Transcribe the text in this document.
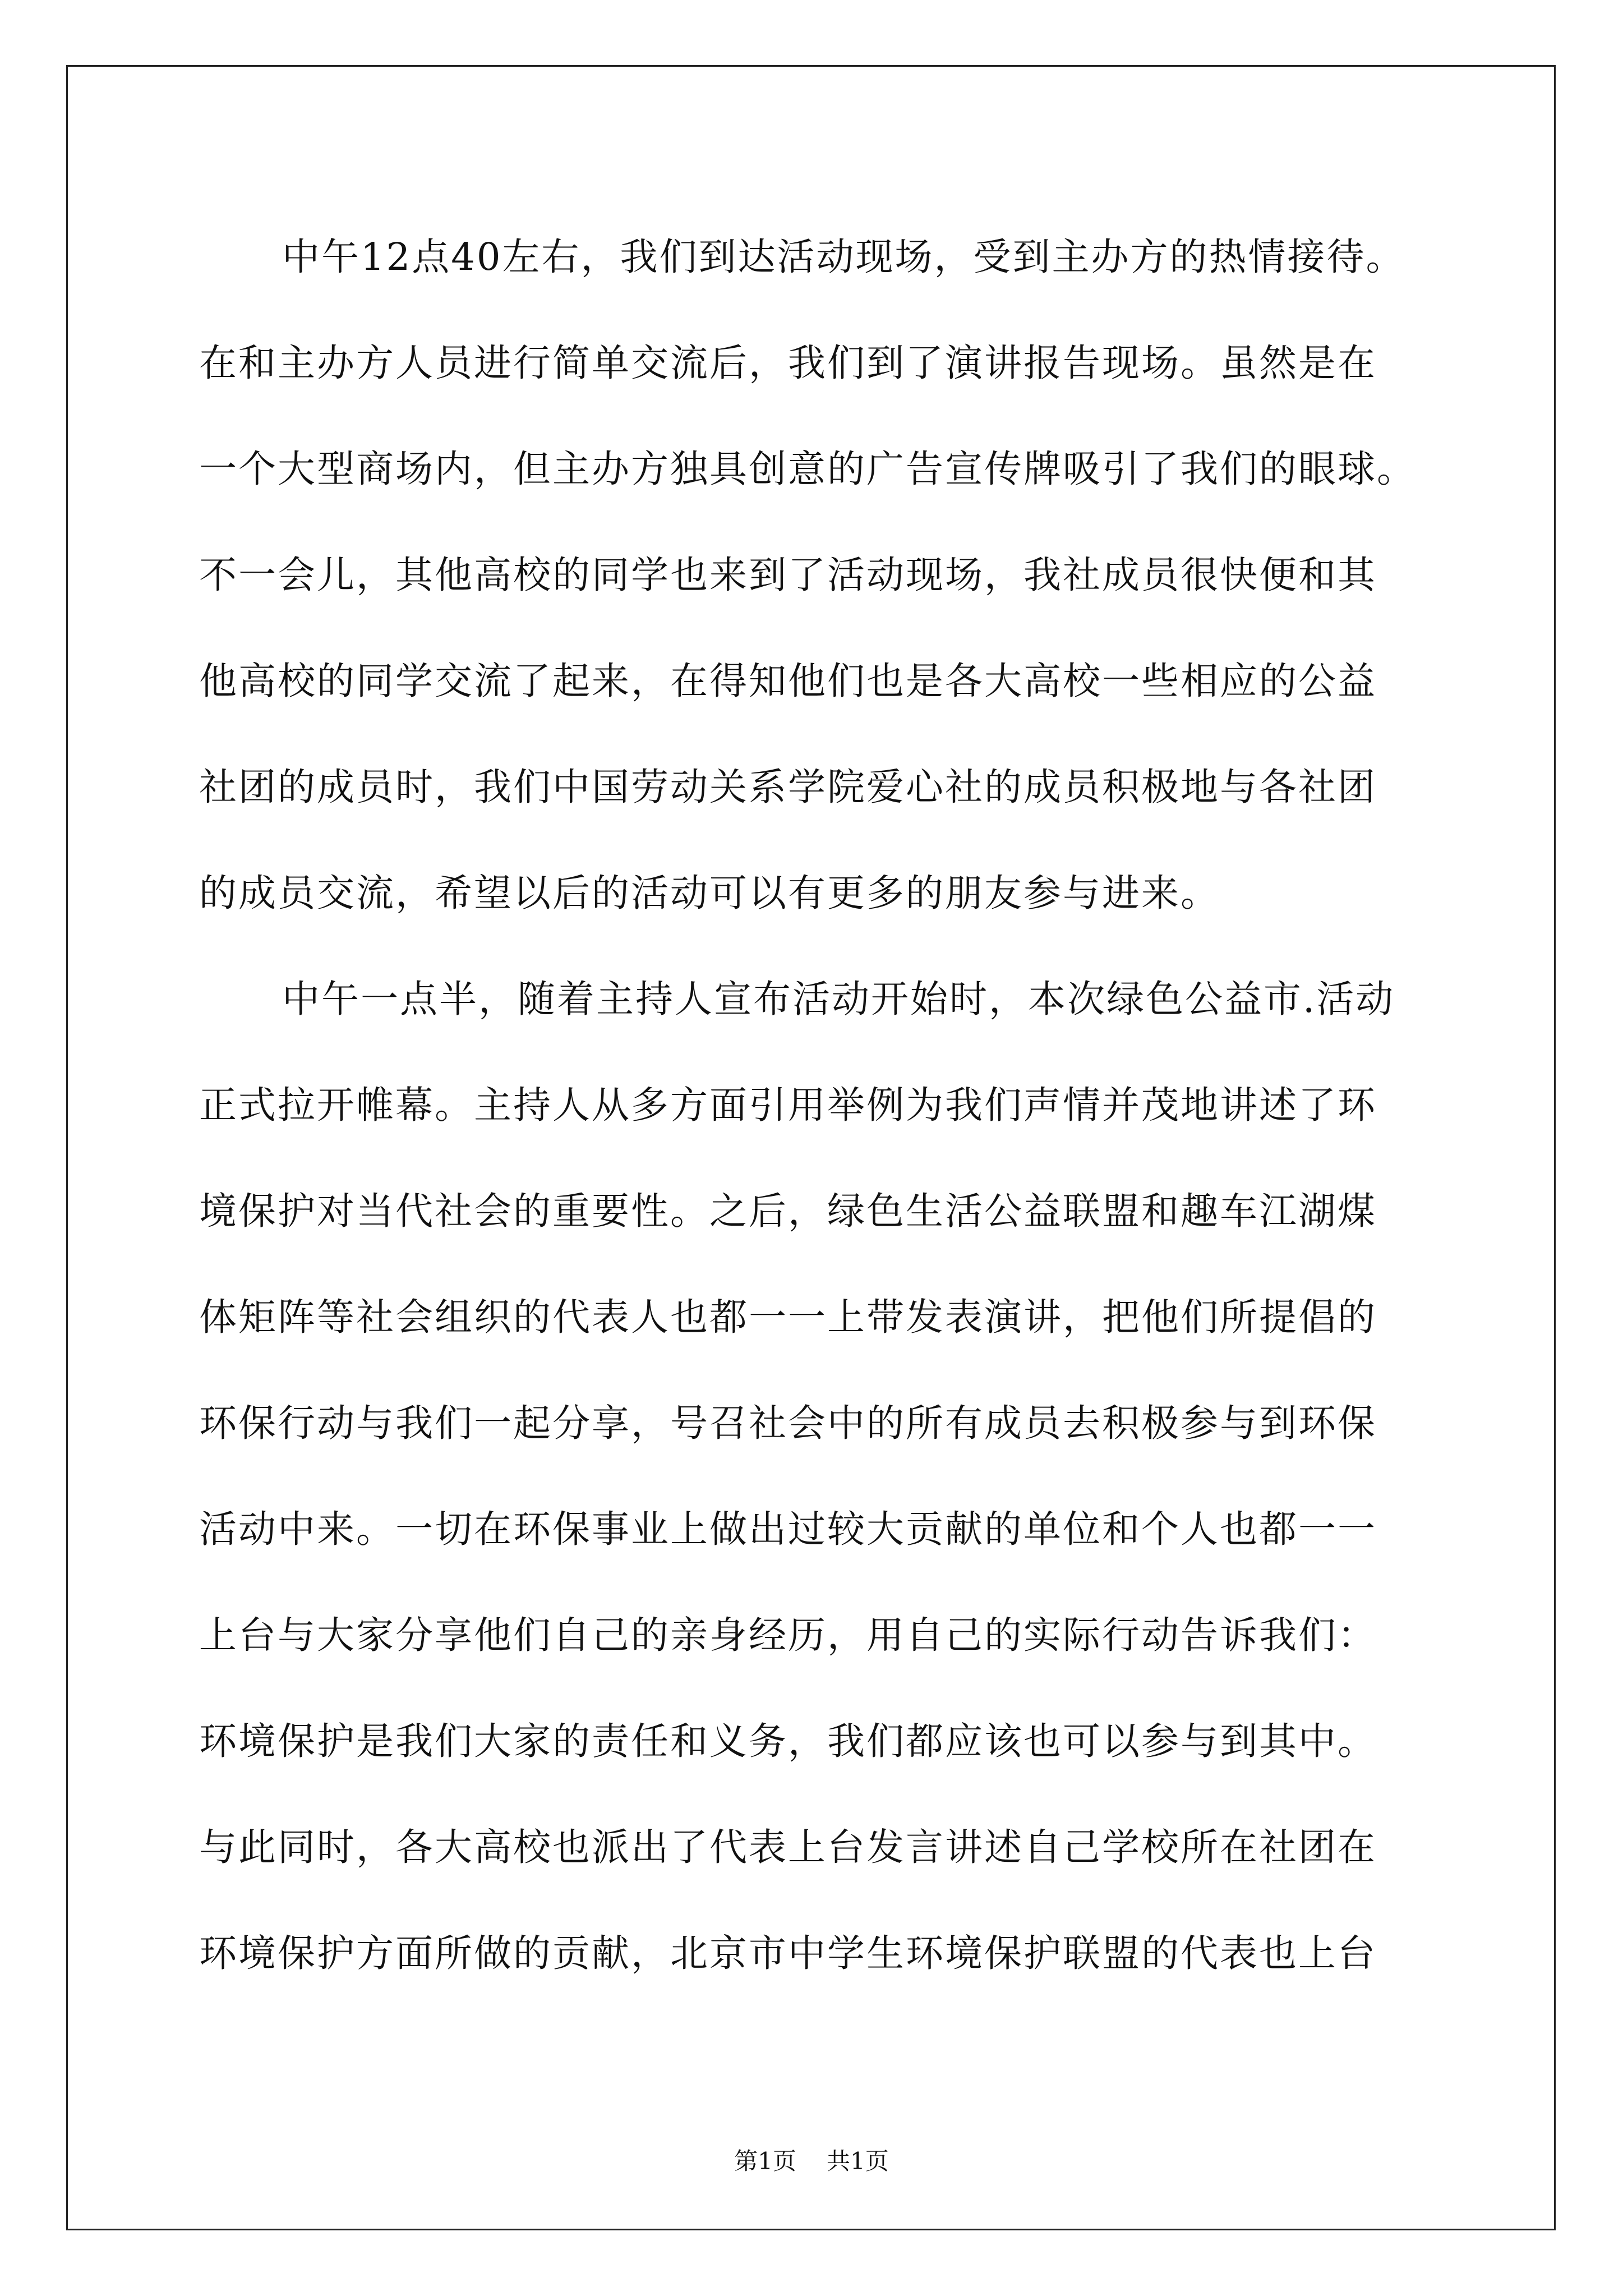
中午12点40左右，我们到达活动现场，受到主办方的热情接待。
在和主办方人员进行简单交流后，我们到了演讲报告现场。虽然是在
一个大型商场内，但主办方独具创意的广告宣传牌吸引了我们的眼球。
不一会儿，其他高校的同学也来到了活动现场，我社成员很快便和其
他高校的同学交流了起来，在得知他们也是各大高校一些相应的公益
社团的成员时，我们中国劳动关系学院爱心社的成员积极地与各社团
的成员交流，希望以后的活动可以有更多的朋友参与进来。

中午一点半，随着主持人宣布活动开始时，本次绿色公益市.活动
正式拉开帷幕。主持人从多方面引用举例为我们声情并茂地讲述了环
境保护对当代社会的重要性。之后，绿色生活公益联盟和趣车江湖煤
体矩阵等社会组织的代表人也都一一上带发表演讲，把他们所提倡的
环保行动与我们一起分享，号召社会中的所有成员去积极参与到环保
活动中来。一切在环保事业上做出过较大贡献的单位和个人也都一一
上台与大家分享他们自己的亲身经历，用自己的实际行动告诉我们：
环境保护是我们大家的责任和义务，我们都应该也可以参与到其中。
与此同时，各大高校也派出了代表上台发言讲述自己学校所在社团在
环境保护方面所做的贡献，北京市中学生环境保护联盟的代表也上台

第1页 共1页
